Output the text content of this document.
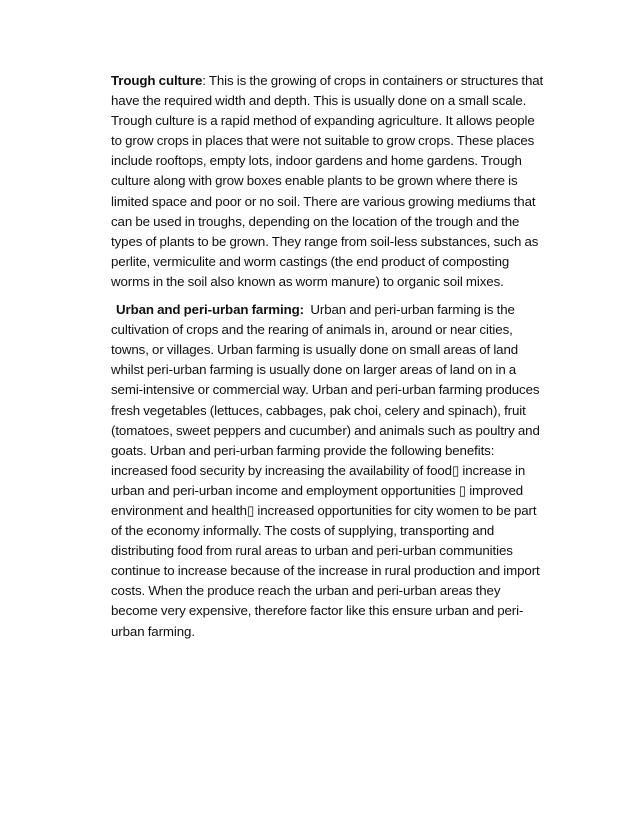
Trough culture: This is the growing of crops in containers or structures that
have the required width and depth. This is usually done on a small scale.
Trough culture is a rapid method of expanding agriculture. It allows people
to grow crops in places that were not suitable to grow crops. These places
include rooftops, empty lots, indoor gardens and home gardens. Trough
culture along with grow boxes enable plants to be grown where there is
limited space and poor or no soil. There are various growing mediums that
can be used in troughs, depending on the location of the trough and the
types of plants to be grown. They range from soil-less substances, such as
perlite, vermiculite and worm castings (the end product of composting
worms in the soil also known as worm manure) to organic soil mixes.

Urban and peri-urban farming:  Urban and peri-urban farming is the
cultivation of crops and the rearing of animals in, around or near cities,
towns, or villages. Urban farming is usually done on small areas of land
whilst peri-urban farming is usually done on larger areas of land on in a
semi-intensive or commercial way. Urban and peri-urban farming produces
fresh vegetables (lettuces, cabbages, pak choi, celery and spinach), fruit
(tomatoes, sweet peppers and cucumber) and animals such as poultry and
goats. Urban and peri-urban farming provide the following benefits:
increased food security by increasing the availability of food▯ increase in
urban and peri-urban income and employment opportunities ▯ improved
environment and health▯ increased opportunities for city women to be part
of the economy informally. The costs of supplying, transporting and
distributing food from rural areas to urban and peri-urban communities
continue to increase because of the increase in rural production and import
costs. When the produce reach the urban and peri-urban areas they
become very expensive, therefore factor like this ensure urban and peri-
urban farming.
